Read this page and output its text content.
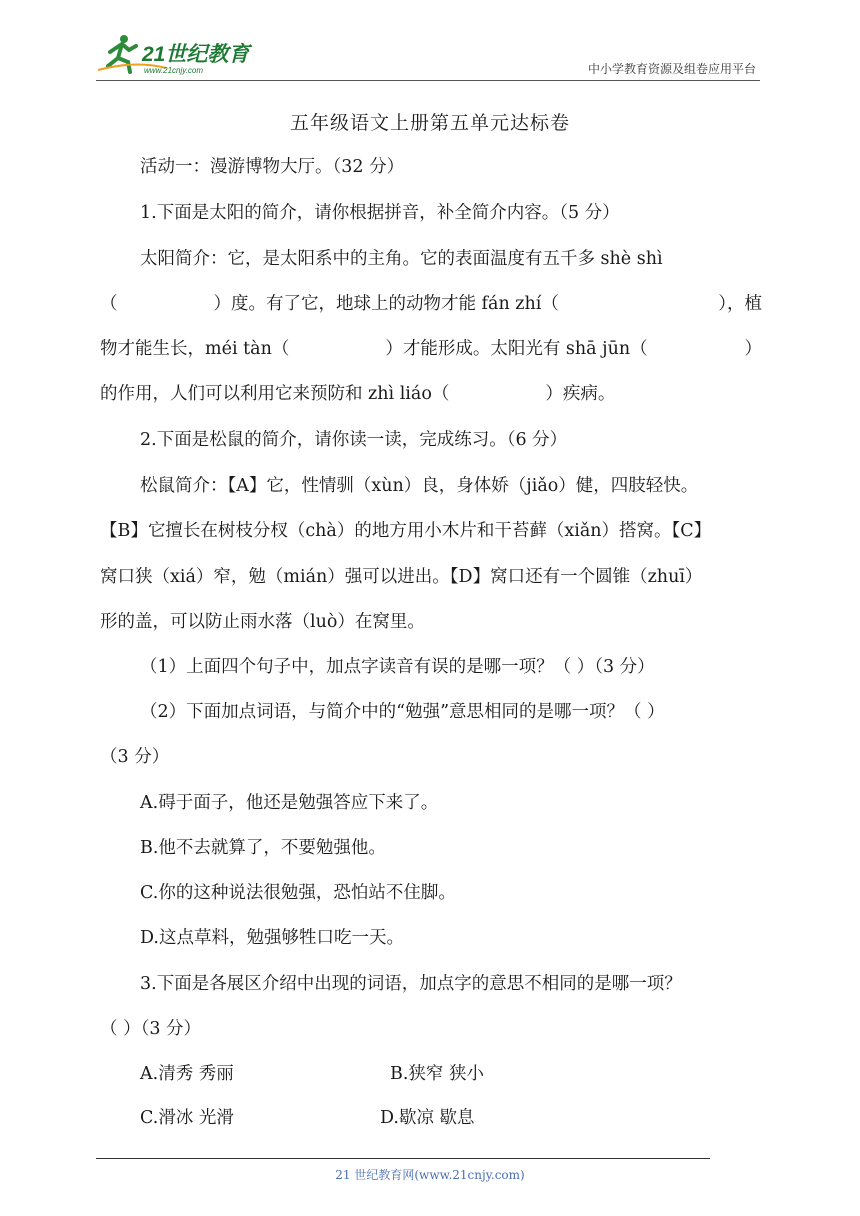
21世纪教育
www.21cnjy.com	中小学教育资源及组卷应用平台
五年级语文上册第五单元达标卷
活动一：漫游博物大厅。（32 分）
1.下面是太阳的简介，请你根据拼音，补全简介内容。（5 分）
太阳简介：它，是太阳系中的主角。它的表面温度有五千多 shè shì
（	）度。有了它，地球上的动物才能 fán zhí（	），植
物才能生长，méi tàn（	）才能形成。太阳光有 shā jūn（	）
的作用，人们可以利用它来预防和 zhì liáo（	）疾病。
2.下面是松鼠的简介，请你读一读，完成练习。（6 分）
松鼠简介：【A】它，性情驯（xùn）良，身体娇（jiǎo）健，四肢轻快。
【B】它擅长在树枝分杈（chà）的地方用小木片和干苔藓（xiǎn）搭窝。【C】
窝口狭（xiá）窄，勉（mián）强可以进出。【D】窝口还有一个圆锥（zhuī）
形的盖，可以防止雨水落（luò）在窝里。
（1）上面四个句子中，加点字读音有误的是哪一项？（ ）（3 分）
（2）下面加点词语，与简介中的“勉强”意思相同的是哪一项？（ ）
（3 分）
A.碍于面子，他还是勉强答应下来了。
B.他不去就算了，不要勉强他。
C.你的这种说法很勉强，恐怕站不住脚。
D.这点草料，勉强够牲口吃一天。
3.下面是各展区介绍中出现的词语，加点字的意思不相同的是哪一项？
（ ）（3 分）
A.清秀 秀丽	B.狭窄 狭小
C.滑冰 光滑	D.歇凉 歇息
21 世纪教育网(www.21cnjy.com)
